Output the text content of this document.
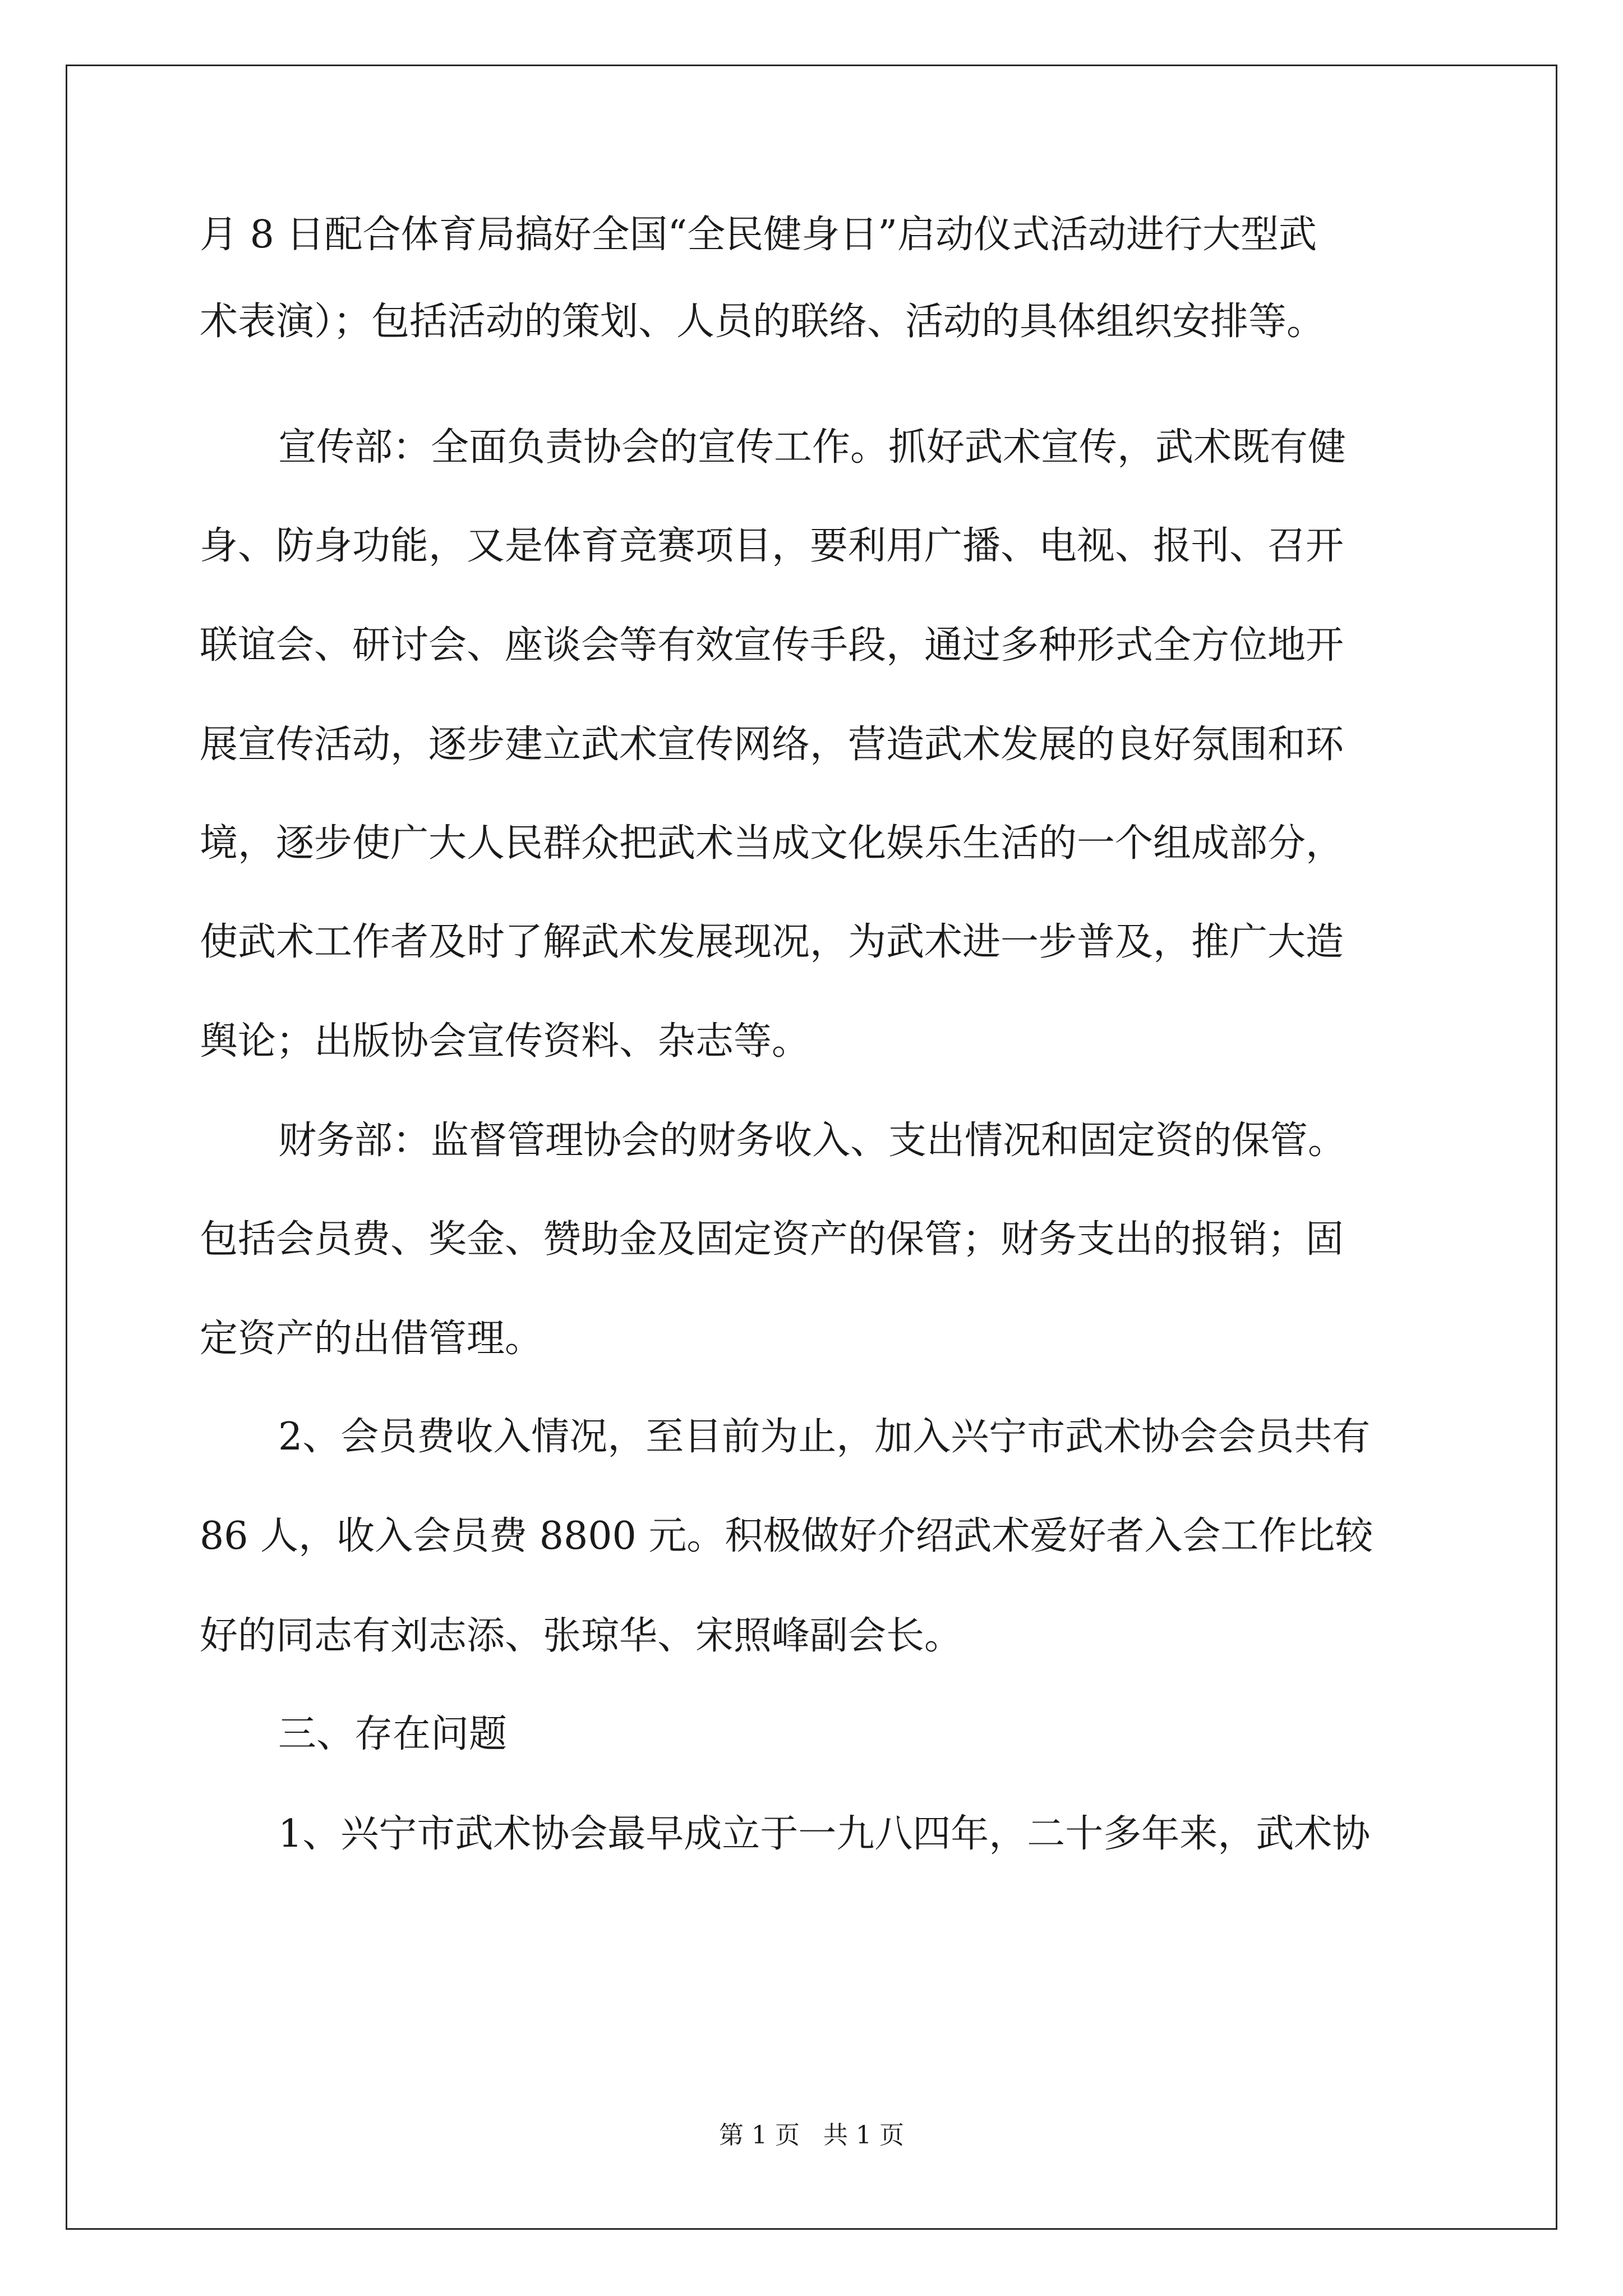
月 8 日配合体育局搞好全国“全民健身日”启动仪式活动进行大型武
术表演）；包括活动的策划、人员的联络、活动的具体组织安排等。
宣传部：全面负责协会的宣传工作。抓好武术宣传，武术既有健
身、防身功能，又是体育竞赛项目，要利用广播、电视、报刊、召开
联谊会、研讨会、座谈会等有效宣传手段，通过多种形式全方位地开
展宣传活动，逐步建立武术宣传网络，营造武术发展的良好氛围和环
境，逐步使广大人民群众把武术当成文化娱乐生活的一个组成部分，
使武术工作者及时了解武术发展现况，为武术进一步普及，推广大造
舆论；出版协会宣传资料、杂志等。
财务部：监督管理协会的财务收入、支出情况和固定资的保管。
包括会员费、奖金、赞助金及固定资产的保管；财务支出的报销；固
定资产的出借管理。
2、会员费收入情况，至目前为止，加入兴宁市武术协会会员共有
86 人，收入会员费 8800 元。积极做好介绍武术爱好者入会工作比较
好的同志有刘志添、张琼华、宋照峰副会长。
三、存在问题
1、兴宁市武术协会最早成立于一九八四年，二十多年来，武术协
第 1 页   共 1 页
